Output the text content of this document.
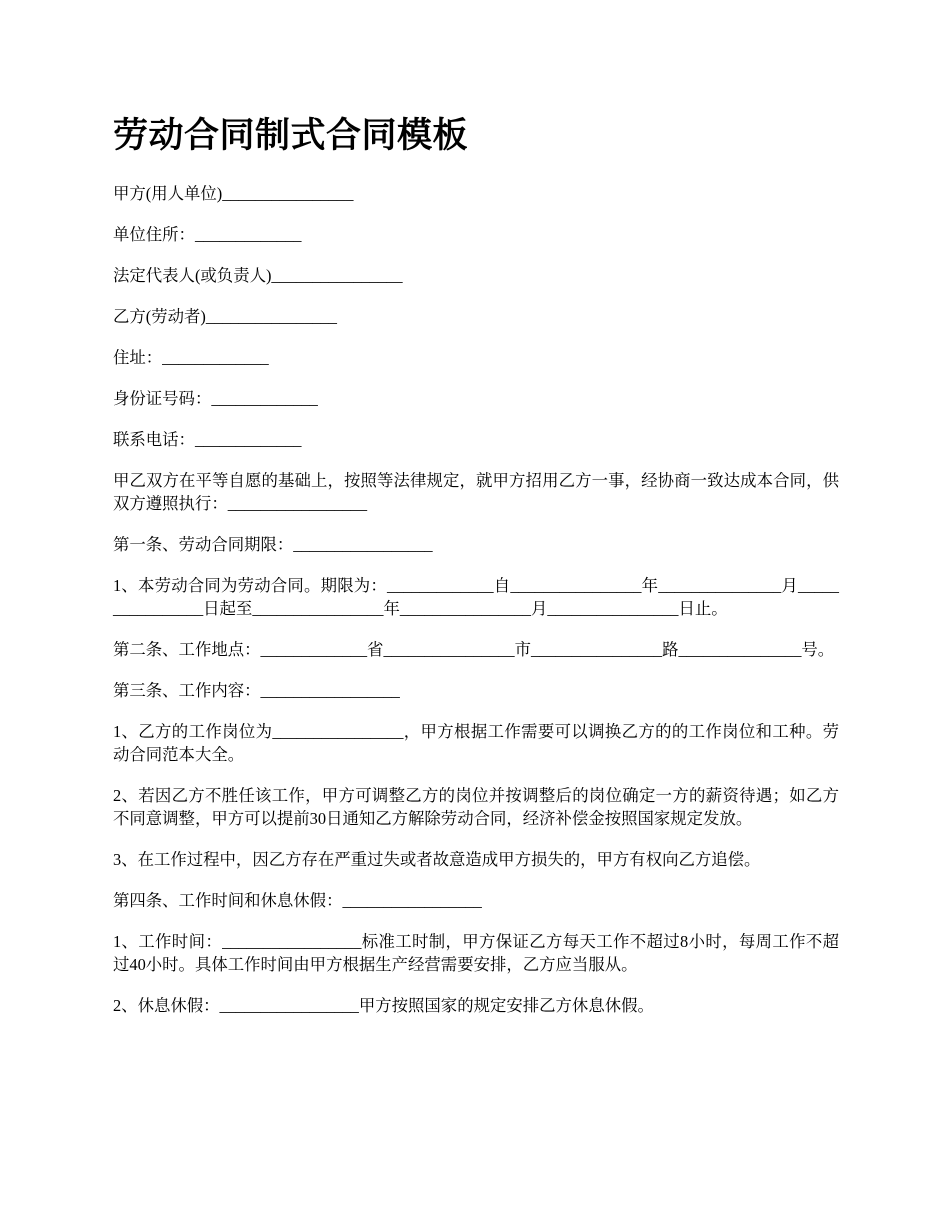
劳动合同制式合同模板

甲方(用人单位)________________

单位住所：_____________

法定代表人(或负责人)________________

乙方(劳动者)________________

住址：_____________

身份证号码：_____________

联系电话：_____________

甲乙双方在平等自愿的基础上，按照等法律规定，就甲方招用乙方一事，经协商一致达成本合同，供双方遵照执行：_________________

第一条、劳动合同期限：_________________

1、本劳动合同为劳动合同。期限为：_____________自________________年_______________月________________日起至________________年________________月________________日止。

第二条、工作地点：_____________省________________市________________路_______________号。

第三条、工作内容：_________________

1、乙方的工作岗位为________________，甲方根据工作需要可以调换乙方的的工作岗位和工种。劳动合同范本大全。

2、若因乙方不胜任该工作，甲方可调整乙方的岗位并按调整后的岗位确定一方的薪资待遇；如乙方不同意调整，甲方可以提前30日通知乙方解除劳动合同，经济补偿金按照国家规定发放。

3、在工作过程中，因乙方存在严重过失或者故意造成甲方损失的，甲方有权向乙方追偿。

第四条、工作时间和休息休假：_________________

1、工作时间：_________________标准工时制，甲方保证乙方每天工作不超过8小时，每周工作不超过40小时。具体工作时间由甲方根据生产经营需要安排，乙方应当服从。

2、休息休假：_________________甲方按照国家的规定安排乙方休息休假。
